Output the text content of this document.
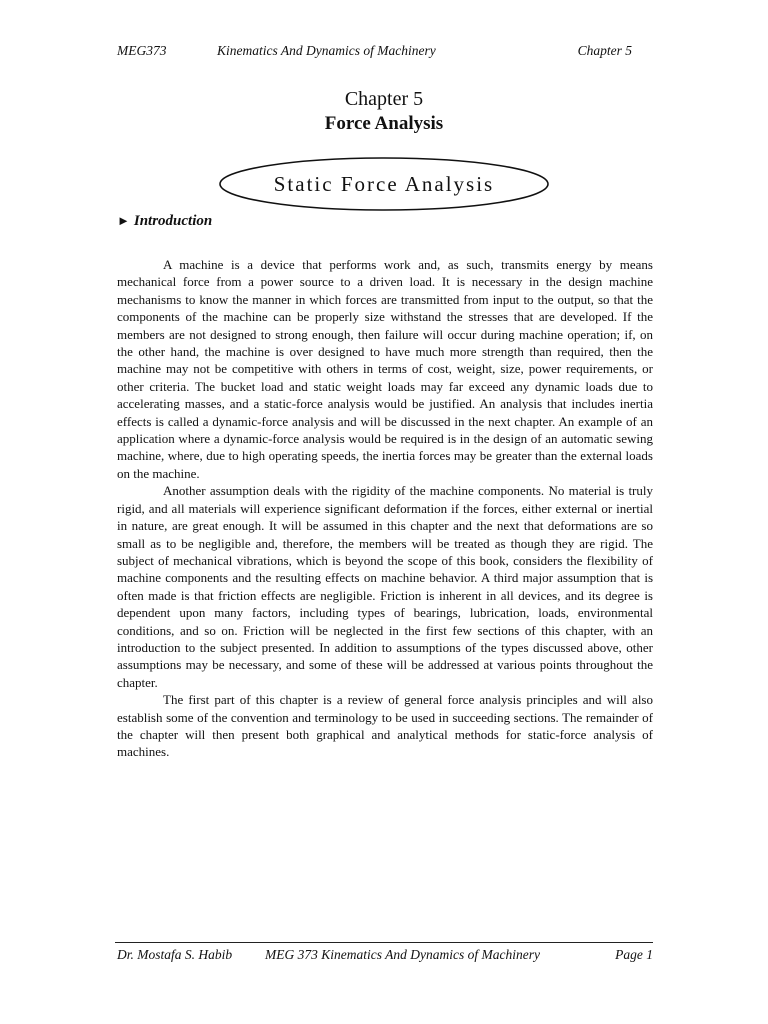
MEG373	Kinematics And Dynamics of Machinery	Chapter 5
Chapter 5
Force Analysis
Static Force Analysis
► Introduction

A machine is a device that performs work and, as such, transmits energy by means mechanical force from a power source to a driven load. It is necessary in the design machine mechanisms to know the manner in which forces are transmitted from input to the output, so that the components of the machine can be properly size withstand the stresses that are developed. If the members are not designed to strong enough, then failure will occur during machine operation; if, on the other hand, the machine is over designed to have much more strength than required, then the machine may not be competitive with others in terms of cost, weight, size, power requirements, or other criteria. The bucket load and static weight loads may far exceed any dynamic loads due to accelerating masses, and a static-force analysis would be justified. An analysis that includes inertia effects is called a dynamic-force analysis and will be discussed in the next chapter. An example of an application where a dynamic-force analysis would be required is in the design of an automatic sewing machine, where, due to high operating speeds, the inertia forces may be greater than the external loads on the machine.

Another assumption deals with the rigidity of the machine components. No material is truly rigid, and all materials will experience significant deformation if the forces, either external or inertial in nature, are great enough. It will be assumed in this chapter and the next that deformations are so small as to be negligible and, therefore, the members will be treated as though they are rigid. The subject of mechanical vibrations, which is beyond the scope of this book, considers the flexibility of machine components and the resulting effects on machine behavior. A third major assumption that is often made is that friction effects are negligible. Friction is inherent in all devices, and its degree is dependent upon many factors, including types of bearings, lubrication, loads, environmental conditions, and so on. Friction will be neglected in the first few sections of this chapter, with an introduction to the subject presented. In addition to assumptions of the types discussed above, other assumptions may be necessary, and some of these will be addressed at various points throughout the chapter.

The first part of this chapter is a review of general force analysis principles and will also establish some of the convention and terminology to be used in succeeding sections. The remainder of the chapter will then present both graphical and analytical methods for static-force analysis of machines.

Dr. Mostafa S. Habib MEG 373 Kinematics And Dynamics of Machinery	Page 1
